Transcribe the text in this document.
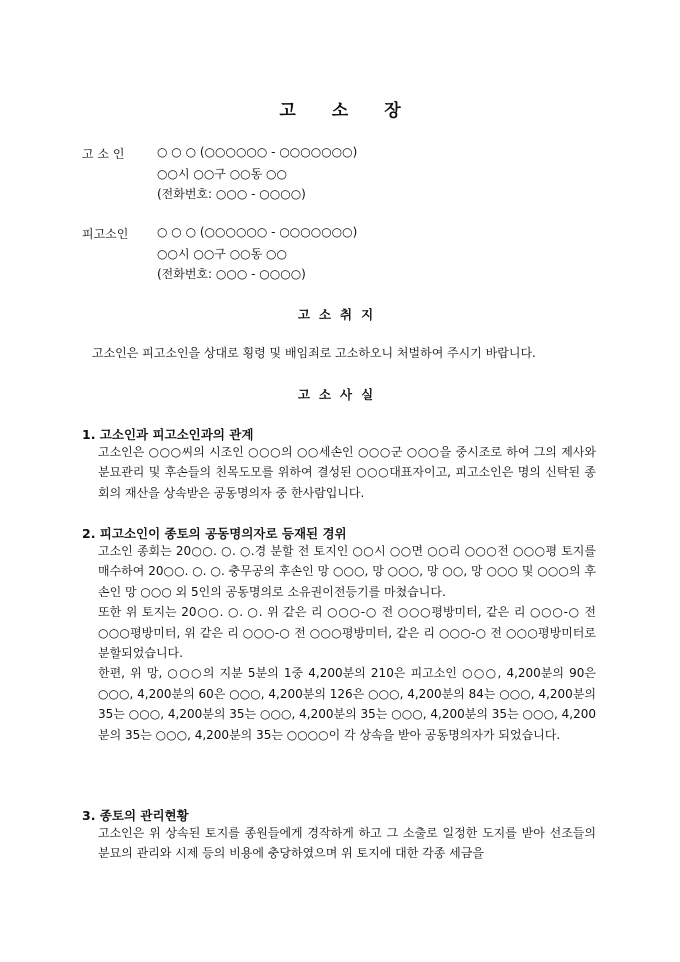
고 소 장
고 소 인	○ ○ ○ (○○○○○○ - ○○○○○○○)
○○시 ○○구 ○○동 ○○
(전화번호: ○○○ - ○○○○)
피고소인 ○ ○ ○ (○○○○○○ - ○○○○○○○)
○○시 ○○구 ○○동 ○○
(전화번호: ○○○ - ○○○○)
고소취지
고소인은 피고소인을 상대로 횡령 및 배임죄로 고소하오니 처벌하여 주시기 바랍니다.
고소사실
1. 고소인과 피고소인과의 관계

고소인은 ○○○씨의 시조인 ○○○의 ○○세손인 ○○○군 ○○○을 중시조로 하여 그의 제사와 분묘관리 및 후손들의 친목도모를 위하여 결성된 ○○○대표자이고, 피고소인은 명의 신탁된 종회의 재산을 상속받은 공동명의자 중 한사람입니다.

2. 피고소인이 종토의 공동명의자로 등재된 경위

고소인 종회는 20○○. ○. ○.경 분할 전 토지인 ○○시 ○○면 ○○리 ○○○전 ○○○평 토지를 매수하여 20○○. ○. ○. 충무공의 후손인 망 ○○○, 망 ○○○, 망 ○○, 망 ○○○ 및 ○○○의 후손인 망 ○○○ 외 5인의 공동명의로 소유권이전등기를 마쳤습니다.

또한 위 토지는 20○○. ○. ○. 위 같은 리 ○○○-○ 전 ○○○평방미터, 같은 리 ○○○-○ 전 ○○○평방미터, 위 같은 리 ○○○-○ 전 ○○○평방미터, 같은 리 ○○○-○ 전 ○○○평방미터로 분할되었습니다.

한편, 위 망, ○○○의 지분 5분의 1중 4,200분의 210은 피고소인 ○○○, 4,200분의 90은 ○○○, 4,200분의 60은 ○○○, 4,200분의 126은 ○○○, 4,200분의 84는 ○○○, 4,200분의 35는 ○○○, 4,200분의 35는 ○○○, 4,200분의 35는 ○○○, 4,200분의 35는 ○○○, 4,200분의 35는 ○○○, 4,200분의 35는 ○○○○이 각 상속을 받아 공동명의자가 되었습니다.

3. 종토의 관리현황

고소인은 위 상속된 토지를 종원들에게 경작하게 하고 그 소출로 일정한 도지를 받아 선조들의 분묘의 관리와 시제 등의 비용에 충당하였으며 위 토지에 대한 각종 세금을
